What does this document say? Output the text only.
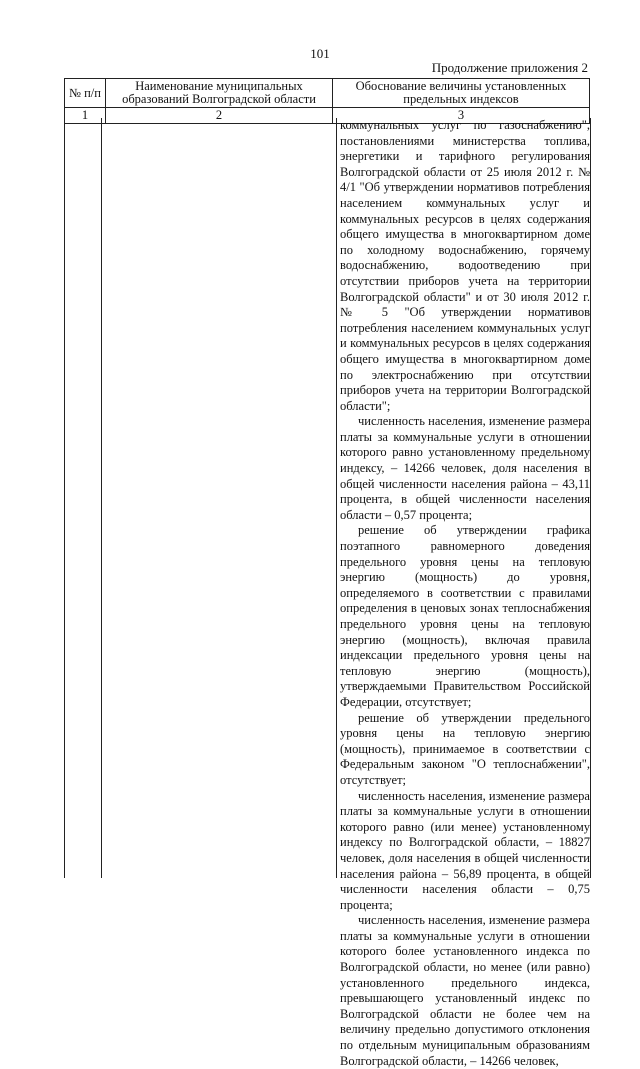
101
Продолжение приложения 2
№ п/п	Наименование муниципальных образований Волгоградской области	Обоснование величины установленных предельных индексов
1	2	3

коммунальных услуг по газоснабжению", постановлениями министерства топлива, энергетики и тарифного регулирования Волгоградской области от 25 июля 2012 г. № 4/1 "Об утверждении нормативов потребления населением коммунальных услуг и коммунальных ресурсов в целях содержания общего имущества в многоквартирном доме по холодному водоснабжению, горячему водоснабжению, водоотведению при отсутствии приборов учета на территории Волгоградской области" и от 30 июля 2012 г. № 5 "Об утверждении нормативов потребления населением коммунальных услуг и коммунальных ресурсов в целях содержания общего имущества в многоквартирном доме по электроснабжению при отсутствии приборов учета на территории Волгоградской области";

численность населения, изменение размера платы за коммунальные услуги в отношении которого равно установленному предельному индексу, – 14266 человек, доля населения в общей численности населения района – 43,11 процента, в общей численности населения области – 0,57 процента;

решение об утверждении графика поэтапного равномерного доведения предельного уровня цены на тепловую энергию (мощность) до уровня, определяемого в соответствии с правилами определения в ценовых зонах теплоснабжения предельного уровня цены на тепловую энергию (мощность), включая правила индексации предельного уровня цены на тепловую энергию (мощность), утверждаемыми Правительством Российской Федерации, отсутствует;

решение об утверждении предельного уровня цены на тепловую энергию (мощность), принимаемое в соответствии с Федеральным законом "О теплоснабжении", отсутствует;

численность населения, изменение размера платы за коммунальные услуги в отношении которого равно (или менее) установленному индексу по Волгоградской области, – 18827 человек, доля населения в общей численности населения района – 56,89 процента, в общей численности населения области – 0,75 процента;

численность населения, изменение размера платы за коммунальные услуги в отношении которого более установленного индекса по Волгоградской области, но менее (или равно) установленного предельного индекса, превышающего установленный индекс по Волгоградской области не более чем на величину предельно допустимого отклонения по отдельным муниципальным образованиям Волгоградской области, – 14266 человек,
